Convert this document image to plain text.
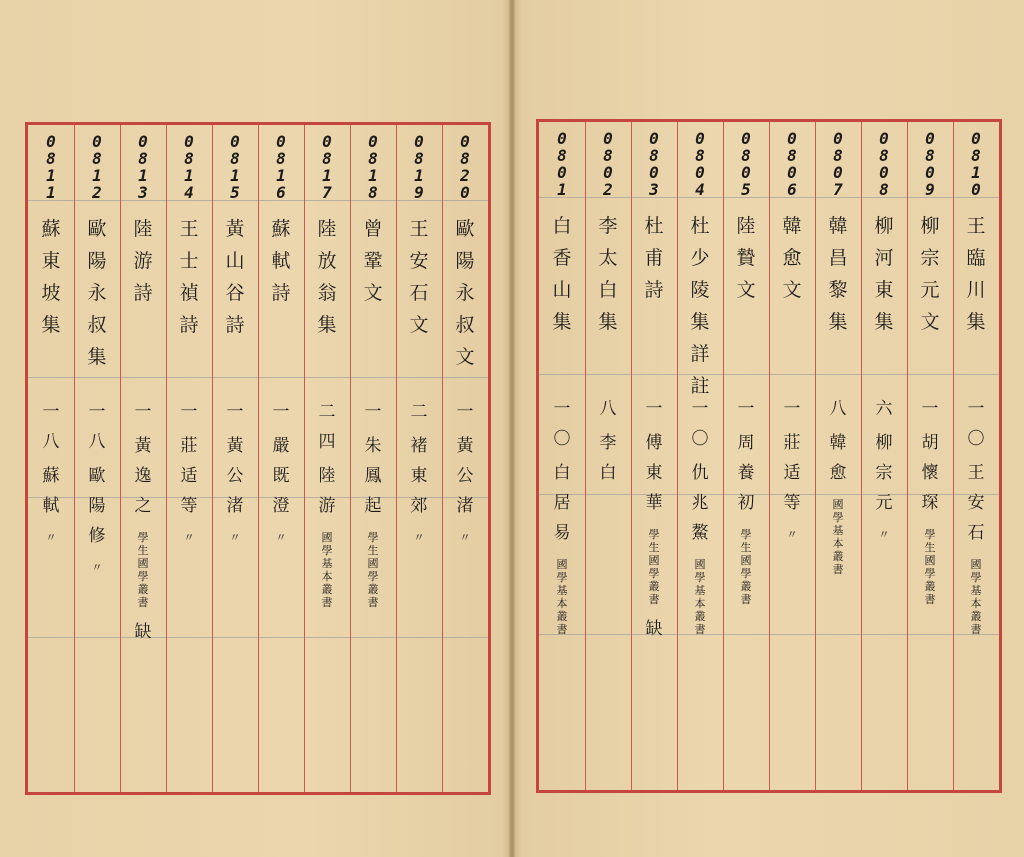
0
8
1
1
蘇
東
坡
集
一
八
蘇
軾
〃
0
8
1
2
歐
陽
永
叔
集
一
八
歐
陽
修
〃
0
8
1
3
陸
游
詩
一
黃
逸
之
學
生
國
學
叢
書
缺
0
8
1
4
王
士
禎
詩
一
莊
适
等
〃
0
8
1
5
黃
山
谷
詩
一
黃
公
渚
〃
0
8
1
6
蘇
軾
詩
一
嚴
既
澄
〃
0
8
1
7
陸
放
翁
集
二
四
陸
游
國
學
基
本
叢
書
0
8
1
8
曾
鞏
文
一
朱
鳳
起
學
生
國
學
叢
書
0
8
1
9
王
安
石
文
二
褚
東
郊
〃
0
8
2
0
歐
陽
永
叔
文
一
黃
公
渚
〃
0
8
0
1
白
香
山
集
一
〇
白
居
易
國
學
基
本
叢
書
0
8
0
2
李
太
白
集
八
李
白
0
8
0
3
杜
甫
詩
一
傅
東
華
學
生
國
學
叢
書
缺
0
8
0
4
杜
少
陵
集
詳
註
一
〇
仇
兆
鰲
國
學
基
本
叢
書
0
8
0
5
陸
贄
文
一
周
養
初
學
生
國
學
叢
書
0
8
0
6
韓
愈
文
一
莊
适
等
〃
0
8
0
7
韓
昌
黎
集
八
韓
愈
國
學
基
本
叢
書
0
8
0
8
柳
河
東
集
六
柳
宗
元
〃
0
8
0
9
柳
宗
元
文
一
胡
懷
琛
學
生
國
學
叢
書
0
8
1
0
王
臨
川
集
一
〇
王
安
石
國
學
基
本
叢
書
